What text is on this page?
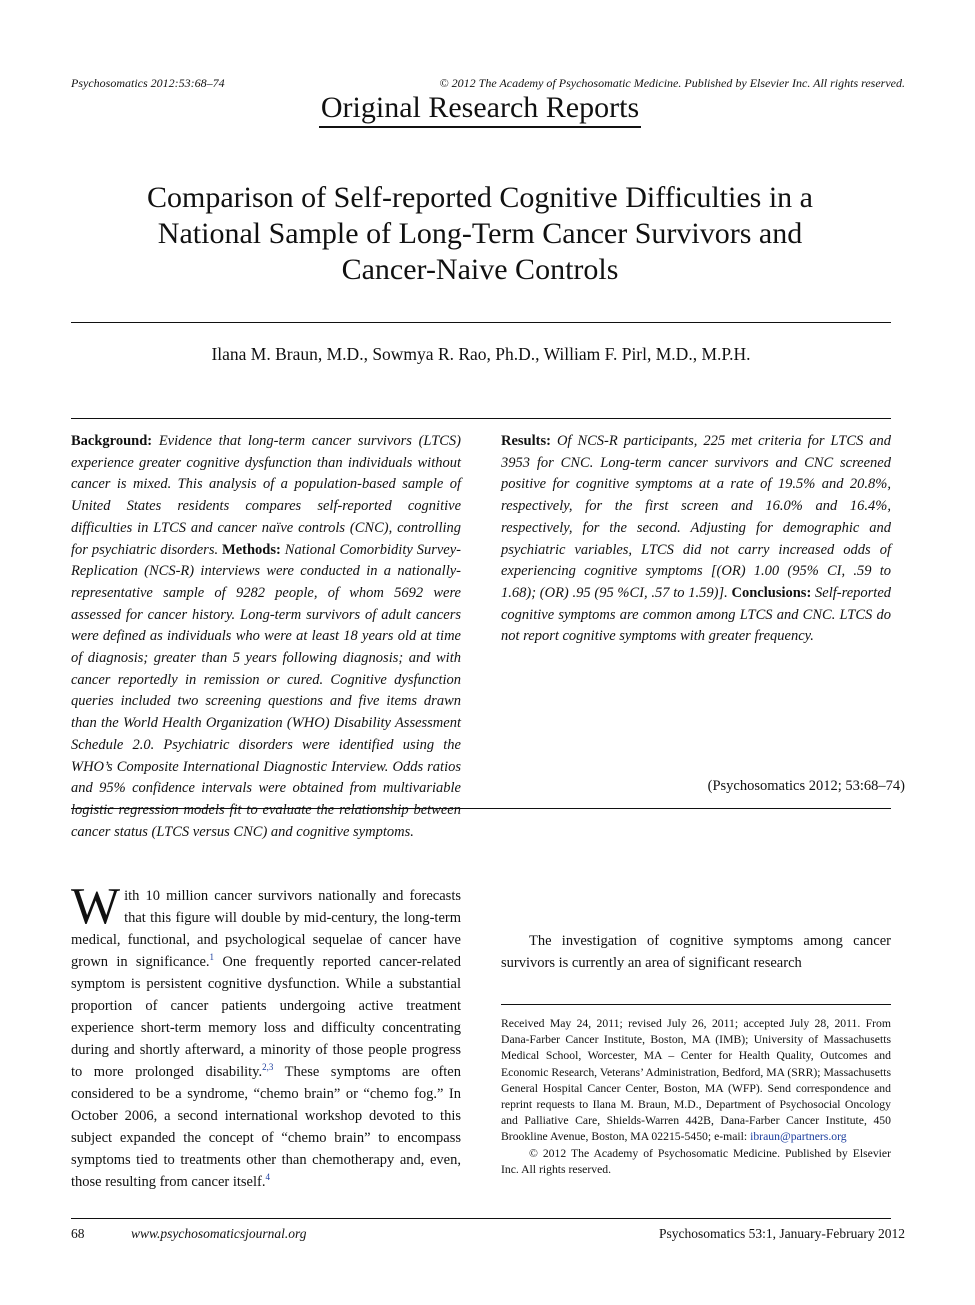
Psychosomatics 2012:53:68–74	© 2012 The Academy of Psychosomatic Medicine. Published by Elsevier Inc. All rights reserved.
Original Research Reports
Comparison of Self-reported Cognitive Difficulties in a National Sample of Long-Term Cancer Survivors and Cancer-Naive Controls
Ilana M. Braun, M.D., Sowmya R. Rao, Ph.D., William F. Pirl, M.D., M.P.H.
Background: Evidence that long-term cancer survivors (LTCS) experience greater cognitive dysfunction than individuals without cancer is mixed. This analysis of a population-based sample of United States residents compares self-reported cognitive difficulties in LTCS and cancer naïve controls (CNC), controlling for psychiatric disorders. Methods: National Comorbidity Survey-Replication (NCS-R) interviews were conducted in a nationally-representative sample of 9282 people, of whom 5692 were assessed for cancer history. Long-term survivors of adult cancers were defined as individuals who were at least 18 years old at time of diagnosis; greater than 5 years following diagnosis; and with cancer reportedly in remission or cured. Cognitive dysfunction queries included two screening questions and five items drawn than the World Health Organization (WHO) Disability Assessment Schedule 2.0. Psychiatric disorders were identified using the WHO’s Composite International Diagnostic Interview. Odds ratios and 95% confidence intervals were obtained from multivariable logistic regression models fit to evaluate the relationship between cancer status (LTCS versus CNC) and cognitive symptoms.
Results: Of NCS-R participants, 225 met criteria for LTCS and 3953 for CNC. Long-term cancer survivors and CNC screened positive for cognitive symptoms at a rate of 19.5% and 20.8%, respectively, for the first screen and 16.0% and 16.4%, respectively, for the second. Adjusting for demographic and psychiatric variables, LTCS did not carry increased odds of experiencing cognitive symptoms [(OR) 1.00 (95% CI, .59 to 1.68); (OR) .95 (95 %CI, .57 to 1.59)]. Conclusions: Self-reported cognitive symptoms are common among LTCS and CNC. LTCS do not report cognitive symptoms with greater frequency.
(Psychosomatics 2012; 53:68–74)
With 10 million cancer survivors nationally and forecasts that this figure will double by mid-century, the long-term medical, functional, and psychological sequelae of cancer have grown in significance.$^1$ One frequently reported cancer-related symptom is persistent cognitive dysfunction. While a substantial proportion of cancer patients undergoing active treatment experience short-term memory loss and difficulty concentrating during and shortly afterward, a minority of those people progress to more prolonged disability.$^{2,3}$ These symptoms are often considered to be a syndrome, “chemo brain” or “chemo fog.” In October 2006, a second international workshop devoted to this subject expanded the concept of “chemo brain” to encompass symptoms tied to treatments other than chemotherapy and, even, those resulting from cancer itself.$^4$
The investigation of cognitive symptoms among cancer survivors is currently an area of significant research
Received May 24, 2011; revised July 26, 2011; accepted July 28, 2011. From Dana-Farber Cancer Institute, Boston, MA (IMB); University of Massachusetts Medical School, Worcester, MA – Center for Health Quality, Outcomes and Economic Research, Veterans’ Administration, Bedford, MA (SRR); Massachusetts General Hospital Cancer Center, Boston, MA (WFP). Send correspondence and reprint requests to Ilana M. Braun, M.D., Department of Psychosocial Oncology and Palliative Care, Shields-Warren 442B, Dana-Farber Cancer Institute, 450 Brookline Avenue, Boston, MA 02215-5450; e-mail: ibraun@partners.org
© 2012 The Academy of Psychosomatic Medicine. Published by Elsevier Inc. All rights reserved.
68	www.psychosomaticsjournal.org	Psychosomatics 53:1, January-February 2012
